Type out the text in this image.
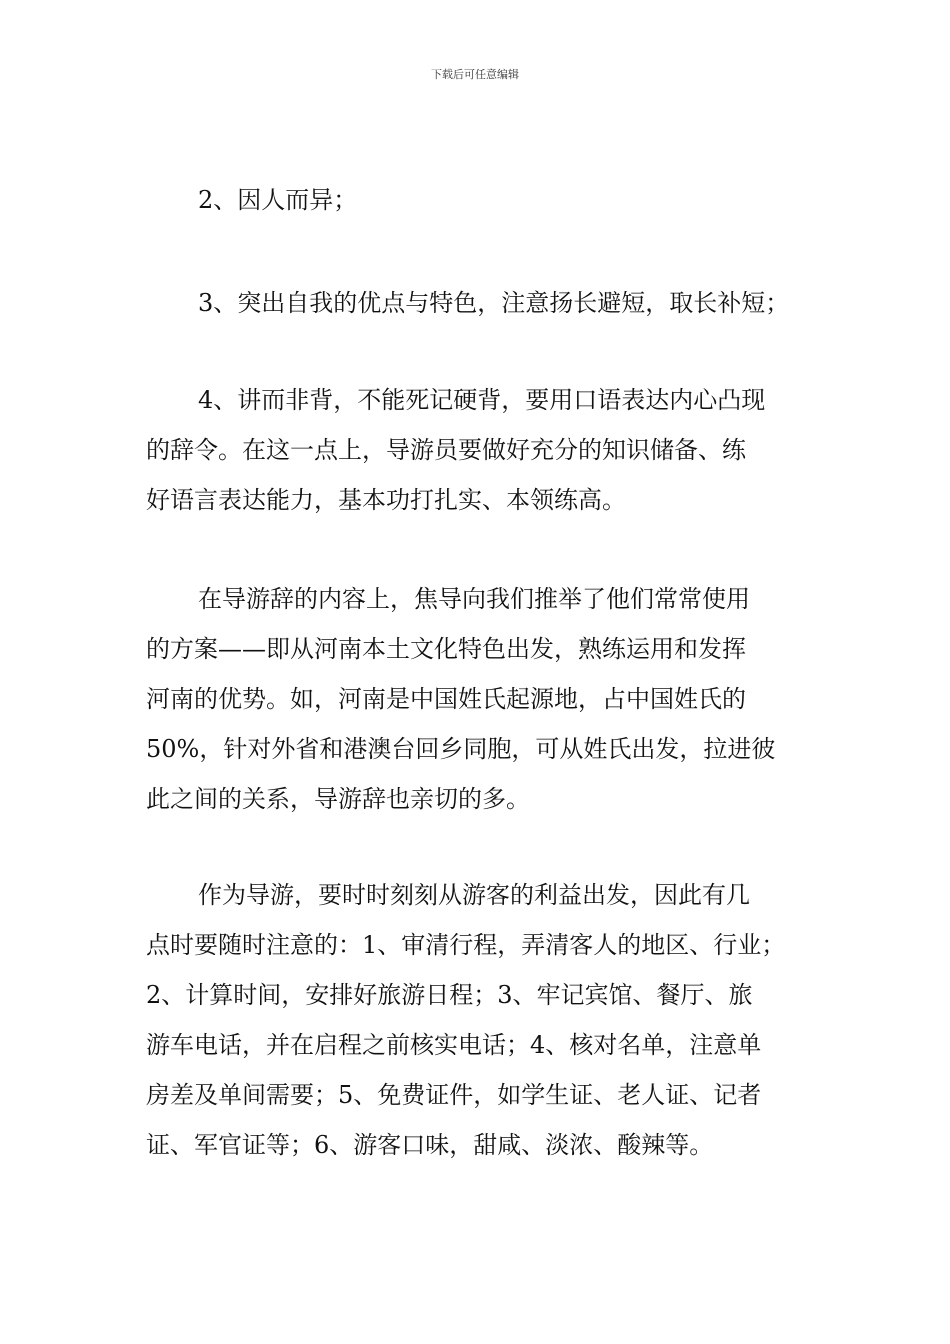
下载后可任意编辑
2、因人而异；
3、突出自我的优点与特色，注意扬长避短，取长补短；
4、讲而非背，不能死记硬背，要用口语表达内心凸现
的辞令。在这一点上，导游员要做好充分的知识储备、练
好语言表达能力，基本功打扎实、本领练高。
在导游辞的内容上，焦导向我们推举了他们常常使用
的方案——即从河南本土文化特色出发，熟练运用和发挥
河南的优势。如，河南是中国姓氏起源地，占中国姓氏的
50%，针对外省和港澳台回乡同胞，可从姓氏出发，拉进彼
此之间的关系，导游辞也亲切的多。
作为导游，要时时刻刻从游客的利益出发，因此有几
点时要随时注意的：1、审清行程，弄清客人的地区、行业；
2、计算时间，安排好旅游日程；3、牢记宾馆、餐厅、旅
游车电话，并在启程之前核实电话；4、核对名单，注意单
房差及单间需要；5、免费证件，如学生证、老人证、记者
证、军官证等；6、游客口味，甜咸、淡浓、酸辣等。
